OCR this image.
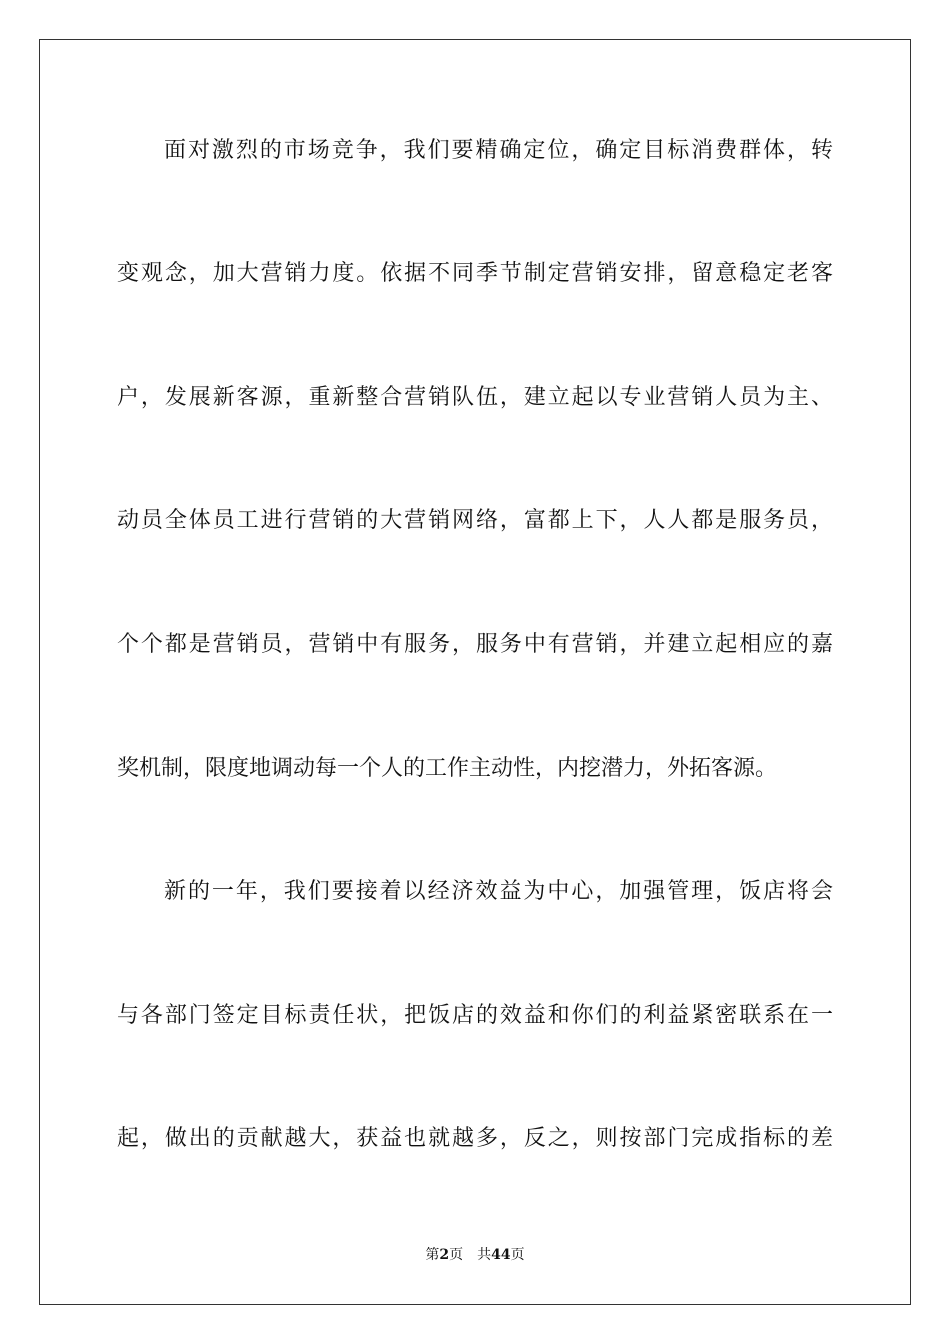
面对激烈的市场竞争，我们要精确定位，确定目标消费群体，转

变观念，加大营销力度。依据不同季节制定营销安排，留意稳定老客

户，发展新客源，重新整合营销队伍，建立起以专业营销人员为主、

动员全体员工进行营销的大营销网络，富都上下，人人都是服务员，

个个都是营销员，营销中有服务，服务中有营销，并建立起相应的嘉

奖机制，限度地调动每一个人的工作主动性，内挖潜力，外拓客源。

新的一年，我们要接着以经济效益为中心，加强管理，饭店将会

与各部门签定目标责任状，把饭店的效益和你们的利益紧密联系在一

起，做出的贡献越大，获益也就越多，反之，则按部门完成指标的差

第2页 共44页
